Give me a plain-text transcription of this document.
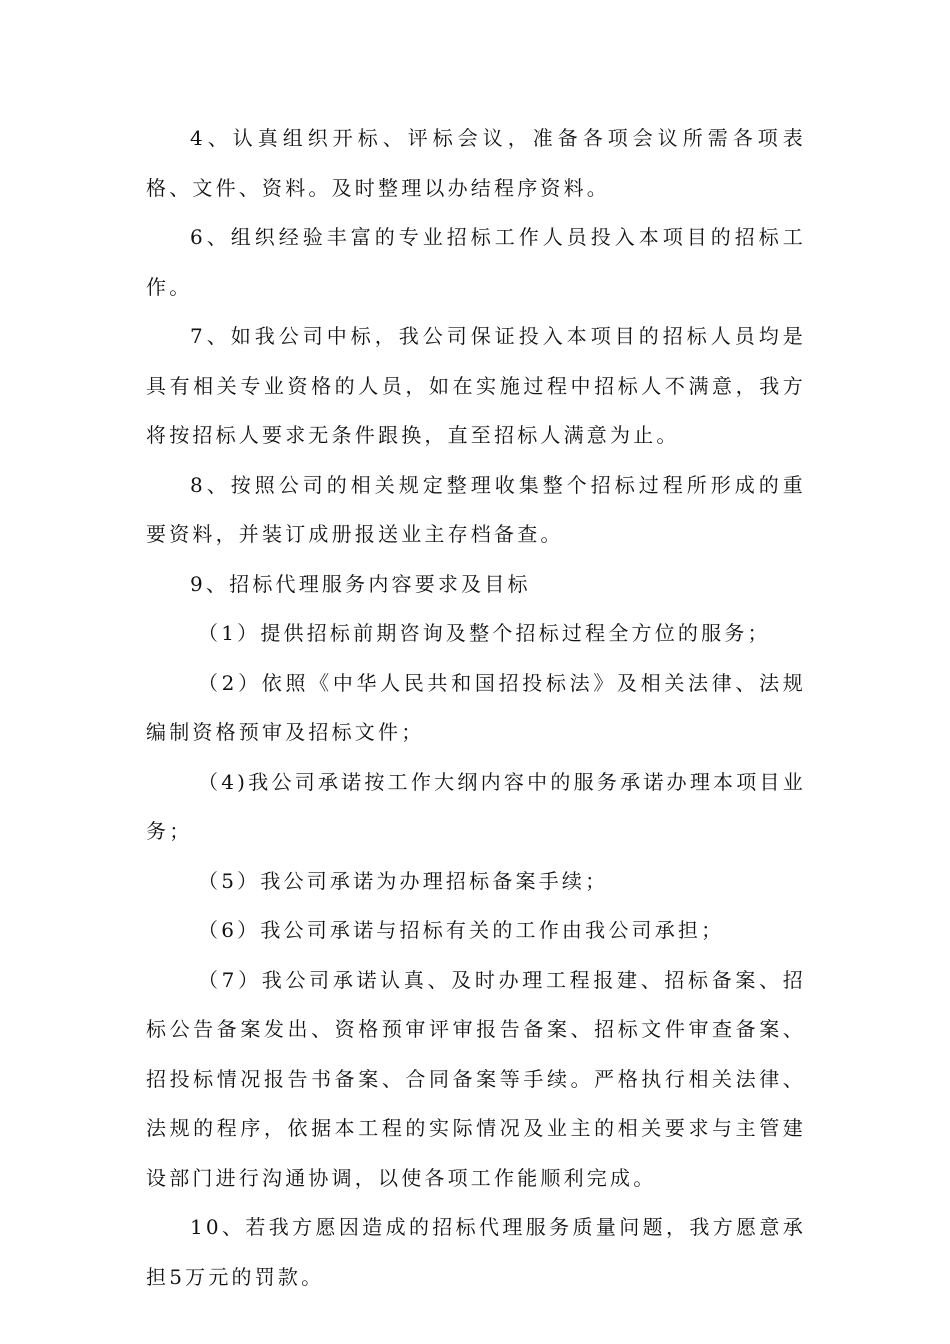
4、认真组织开标、评标会议，准备各项会议所需各项表格、文件、资料。及时整理以办结程序资料。

6、组织经验丰富的专业招标工作人员投入本项目的招标工作。

7、如我公司中标，我公司保证投入本项目的招标人员均是具有相关专业资格的人员，如在实施过程中招标人不满意，我方将按招标人要求无条件跟换，直至招标人满意为止。

8、按照公司的相关规定整理收集整个招标过程所形成的重要资料，并装订成册报送业主存档备查。

9、招标代理服务内容要求及目标

（1）提供招标前期咨询及整个招标过程全方位的服务；

（2）依照《中华人民共和国招投标法》及相关法律、法规编制资格预审及招标文件；

（4)我公司承诺按工作大纲内容中的服务承诺办理本项目业务；

（5）我公司承诺为办理招标备案手续；

（6）我公司承诺与招标有关的工作由我公司承担；

（7）我公司承诺认真、及时办理工程报建、招标备案、招标公告备案发出、资格预审评审报告备案、招标文件审查备案、招投标情况报告书备案、合同备案等手续。严格执行相关法律、法规的程序，依据本工程的实际情况及业主的相关要求与主管建设部门进行沟通协调，以使各项工作能顺利完成。

10、若我方愿因造成的招标代理服务质量问题，我方愿意承担5万元的罚款。
